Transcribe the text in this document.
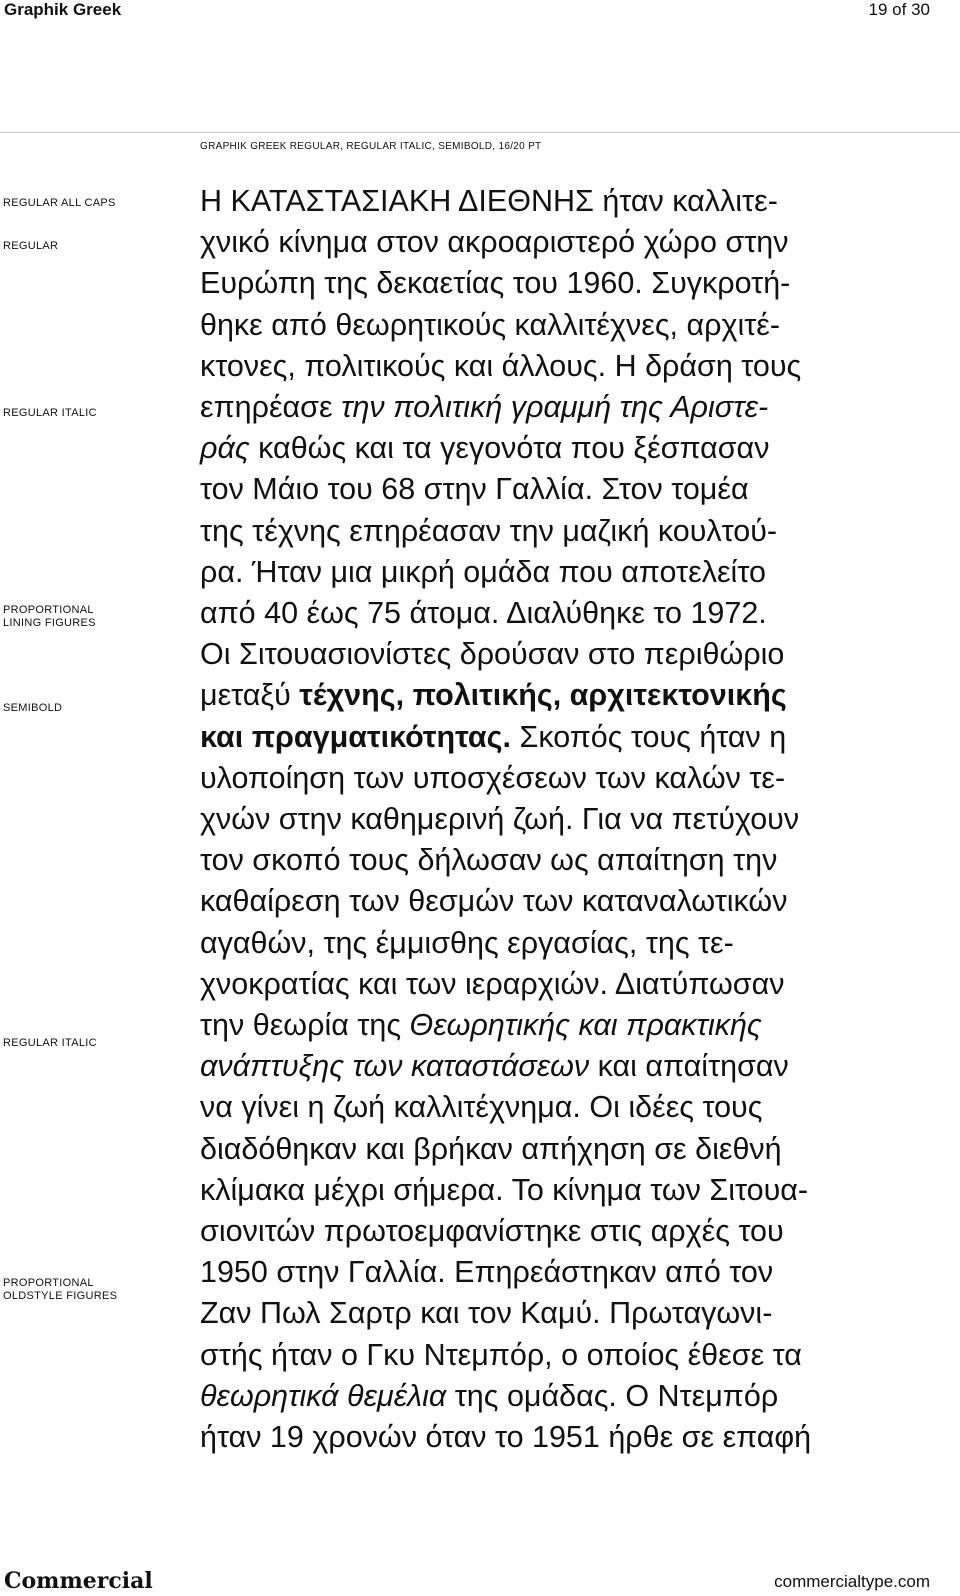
Graphik Greek	19 of 30
GRAPHIK GREEK REGULAR, REGULAR ITALIC, SEMIBOLD, 16/20 PT
REGULAR ALL CAPS
REGULAR
REGULAR ITALIC
PROPORTIONAL
LINING FIGURES
SEMIBOLD
REGULAR ITALIC
PROPORTIONAL
OLDSTYLE FIGURES
Η ΚΑΤΑΣΤΑΣΙΑΚΗ ΔΙΕΘΝΗΣ ήταν καλλιτε-
χνικό κίνημα στον ακροαριστερό χώρο στην
Ευρώπη της δεκαετίας του 1960. Συγκροτή-
θηκε από θεωρητικούς καλλιτέχνες, αρχιτέ-
κτονες, πολιτικούς και άλλους. Η δράση τους
επηρέασε την πολιτική γραμμή της Αριστε-
ράς καθώς και τα γεγονότα που ξέσπασαν
τον Μάιο του 68 στην Γαλλία. Στον τομέα
της τέχνης επηρέασαν την μαζική κουλτού-
ρα. Ήταν μια μικρή ομάδα που αποτελείτο
από 40 έως 75 άτομα. Διαλύθηκε το 1972.
Οι Σιτουασιονίστες δρούσαν στο περιθώριο
μεταξύ τέχνης, πολιτικής, αρχιτεκτονικής
και πραγματικότητας. Σκοπός τους ήταν η
υλοποίηση των υποσχέσεων των καλών τε-
χνών στην καθημερινή ζωή. Για να πετύχουν
τον σκοπό τους δήλωσαν ως απαίτηση την
καθαίρεση των θεσμών των καταναλωτικών
αγαθών, της έμμισθης εργασίας, της τε-
χνοκρατίας και των ιεραρχιών. Διατύπωσαν
την θεωρία της Θεωρητικής και πρακτικής
ανάπτυξης των καταστάσεων και απαίτησαν
να γίνει η ζωή καλλιτέχνημα. Οι ιδέες τους
διαδόθηκαν και βρήκαν απήχηση σε διεθνή
κλίμακα μέχρι σήμερα. Το κίνημα των Σιτουα-
σιονιτών πρωτοεμφανίστηκε στις αρχές του
1950 στην Γαλλία. Επηρεάστηκαν από τον
Ζαν Πωλ Σαρτρ και τον Καμύ. Πρωταγωνι-
στής ήταν ο Γκυ Ντεμπόρ, ο οποίος έθεσε τα
θεωρητικά θεμέλια της ομάδας. Ο Ντεμπόρ
ήταν 19 χρονών όταν το 1951 ήρθε σε επαφή
Commercial	commercialtype.com
